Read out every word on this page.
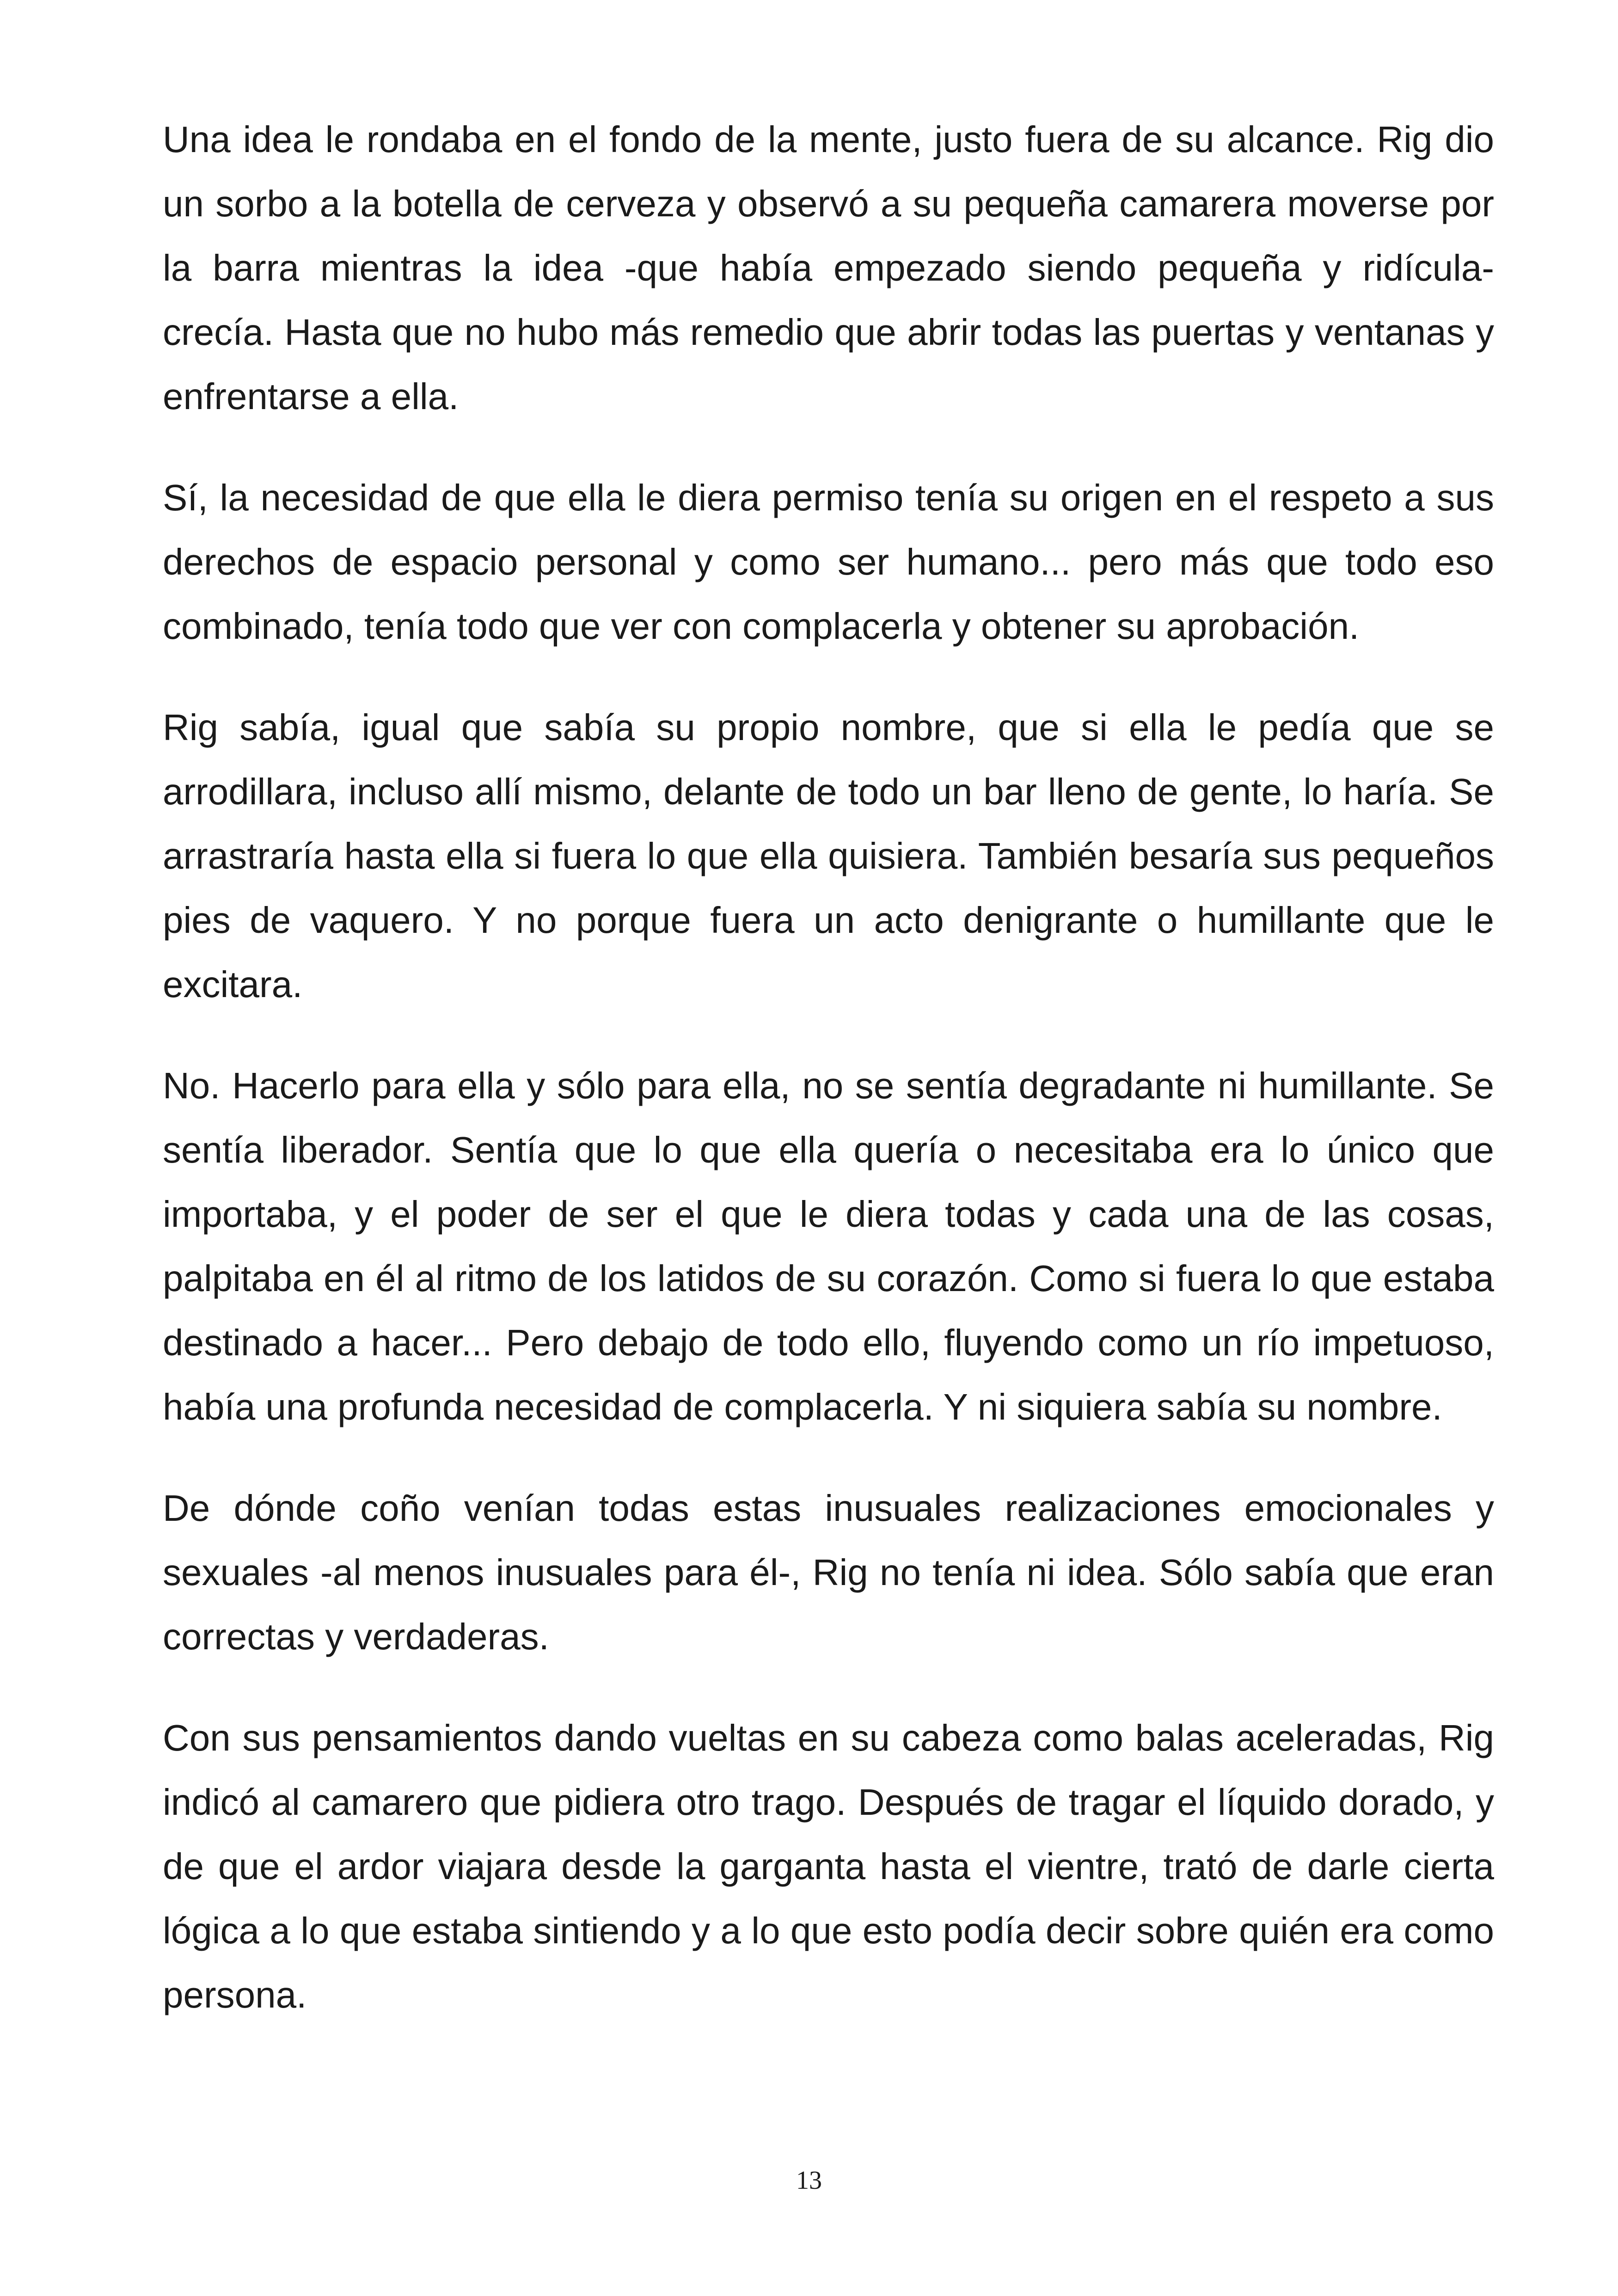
Una idea le rondaba en el fondo de la mente, justo fuera de su alcance. Rig dio un sorbo a la botella de cerveza y observó a su pequeña camarera moverse por la barra mientras la idea -que había empezado siendo pequeña y ridícula- crecía. Hasta que no hubo más remedio que abrir todas las puertas y ventanas y enfrentarse a ella.

Sí, la necesidad de que ella le diera permiso tenía su origen en el respeto a sus derechos de espacio personal y como ser humano... pero más que todo eso combinado, tenía todo que ver con complacerla y obtener su aprobación.

Rig sabía, igual que sabía su propio nombre, que si ella le pedía que se arrodillara, incluso allí mismo, delante de todo un bar lleno de gente, lo haría. Se arrastraría hasta ella si fuera lo que ella quisiera. También besaría sus pequeños pies de vaquero. Y no porque fuera un acto denigrante o humillante que le excitara.

No. Hacerlo para ella y sólo para ella, no se sentía degradante ni humillante. Se sentía liberador. Sentía que lo que ella quería o necesitaba era lo único que importaba, y el poder de ser el que le diera todas y cada una de las cosas, palpitaba en él al ritmo de los latidos de su corazón. Como si fuera lo que estaba destinado a hacer... Pero debajo de todo ello, fluyendo como un río impetuoso, había una profunda necesidad de complacerla. Y ni siquiera sabía su nombre.

De dónde coño venían todas estas inusuales realizaciones emocionales y sexuales -al menos inusuales para él-, Rig no tenía ni idea. Sólo sabía que eran correctas y verdaderas.

Con sus pensamientos dando vueltas en su cabeza como balas aceleradas, Rig indicó al camarero que pidiera otro trago. Después de tragar el líquido dorado, y de que el ardor viajara desde la garganta hasta el vientre, trató de darle cierta lógica a lo que estaba sintiendo y a lo que esto podía decir sobre quién era como persona.

13
